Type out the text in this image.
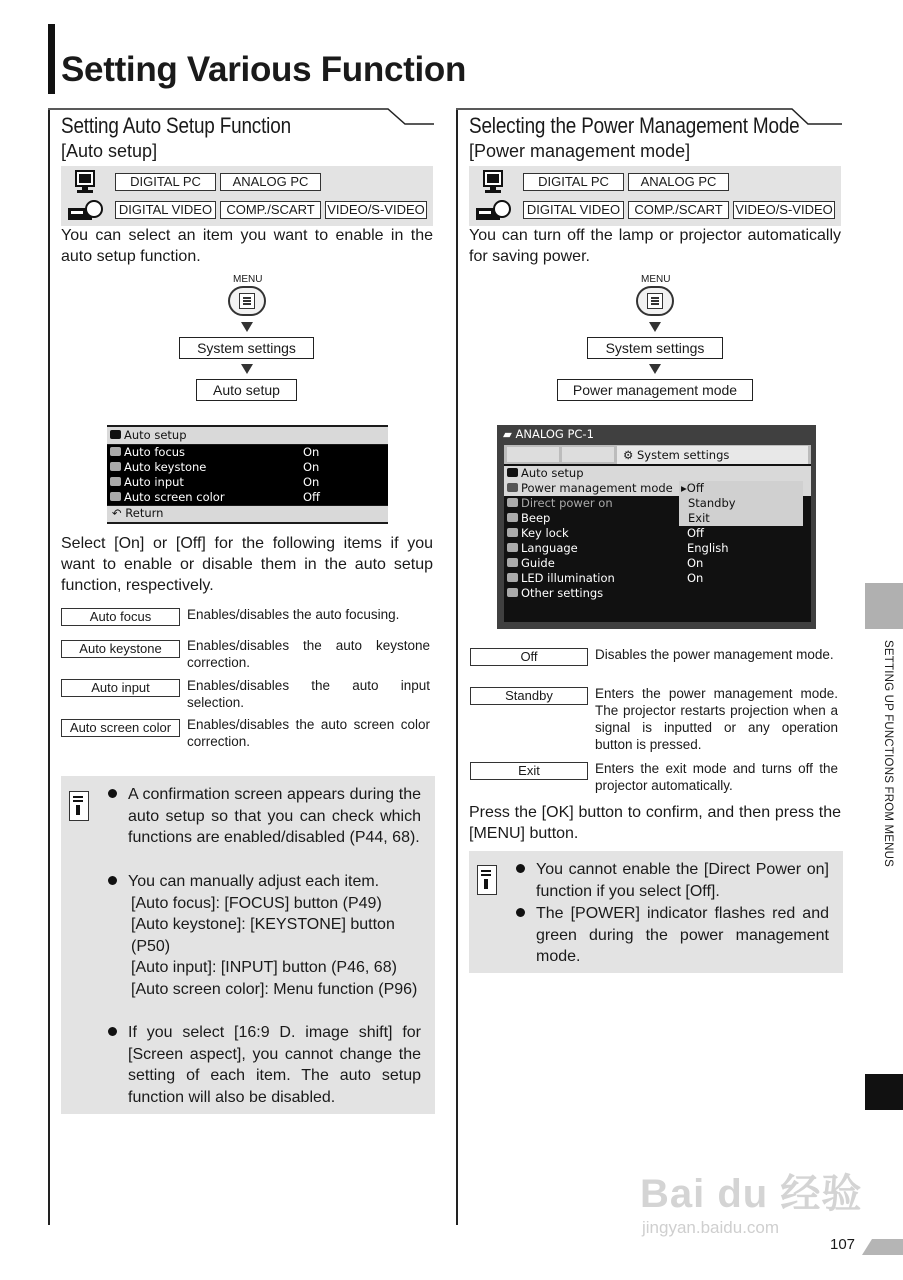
Setting Various Function
Setting Auto Setup Function
[Auto setup]
DIGITAL PC	ANALOG PC
DIGITAL VIDEO	COMP./SCART VIDEO/S-VIDEO
You can select an item you want to enable in the auto setup function.
MENU
System settings
Auto setup
Auto setup
Auto focus	On
Auto keystone	On
Auto input	On
Auto screen color	Off
↶ Return
Select [On] or [Off] for the following items if you want to enable or disable them in the auto setup function, respectively.
Auto focus	Enables/disables the auto focusing.
Auto keystone	Enables/disables the auto keystone correction.
Auto input	Enables/disables the auto input selection.
Auto screen color	Enables/disables the auto screen color correction.
A confirmation screen appears during the auto setup so that you can check which functions are enabled/disabled (P44, 68).
You can manually adjust each item.
[Auto focus]: [FOCUS] button (P49)
[Auto keystone]: [KEYSTONE] button (P50)
[Auto input]: [INPUT] button (P46, 68)
[Auto screen color]: Menu function (P96)
If you select [16:9 D. image shift] for [Screen aspect], you cannot change the setting of each item. The auto setup function will also be disabled.
Selecting the Power Management Mode
[Power management mode]
DIGITAL PC	ANALOG PC
DIGITAL VIDEO	COMP./SCART VIDEO/S-VIDEO
You can turn off the lamp or projector automatically for saving power.
MENU
System settings
Power management mode
▰ ANALOG PC-1
⚙ System settings
Auto setup
Power management mode
Direct power on
Beep
Key lock	Off
Language	English
Guide	On
LED illumination	On
Other settings
▸Off
Standby
Exit
Off	Disables the power management mode.
Standby	Enters the power management mode. The projector restarts projection when a signal is inputted or any operation button is pressed.
Exit	Enters the exit mode and turns off the projector automatically.
Press the [OK] button to confirm, and then press the [MENU] button.
You cannot enable the [Direct Power on] function if you select [Off].
The [POWER] indicator flashes red and green during the power management mode.
SETTING UP FUNCTIONS FROM MENUS
Bai du 经验
jingyan.baidu.com
107
